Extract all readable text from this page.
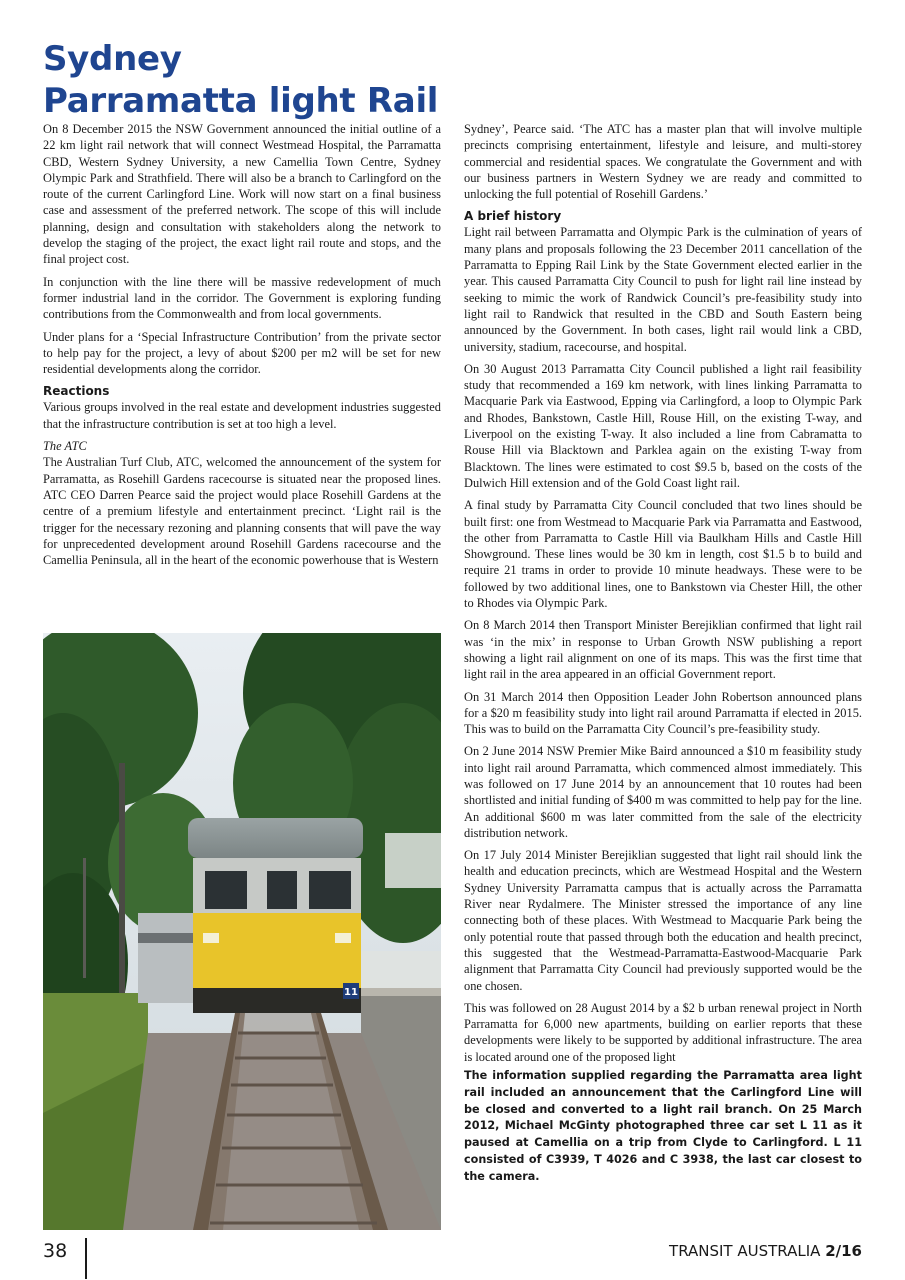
Sydney
Parramatta light Rail

On 8 December 2015 the NSW Government announced the initial outline of a 22 km light rail network that will connect Westmead Hospital, the Parramatta CBD, Western Sydney University, a new Camellia Town Centre, Sydney Olympic Park and Strathfield. There will also be a branch to Carlingford on the route of the current Carlingford Line. Work will now start on a final business case and assessment of the preferred network. The scope of this will include planning, design and consultation with stakeholders along the network to develop the staging of the project, the exact light rail route and stops, and the final project cost.

In conjunction with the line there will be massive redevelopment of much former industrial land in the corridor. The Government is exploring funding contributions from the Commonwealth and from local governments.

Under plans for a ‘Special Infrastructure Contribution’ from the private sector to help pay for the project, a levy of about $200 per m2 will be set for new residential developments along the corridor.

Reactions

Various groups involved in the real estate and development industries suggested that the infrastructure contribution is set at too high a level.

The ATC

The Australian Turf Club, ATC, welcomed the announcement of the system for Parramatta, as Rosehill Gardens racecourse is situated near the proposed lines. ATC CEO Darren Pearce said the project would place Rosehill Gardens at the centre of a premium lifestyle and entertainment precinct. ‘Light rail is the trigger for the necessary rezoning and planning consents that will pave the way for unprecedented development around Rosehill Gardens racecourse and the Camellia Peninsula, all in the heart of the economic powerhouse that is Western

11

Sydney’, Pearce said. ‘The ATC has a master plan that will involve multiple precincts comprising entertainment, lifestyle and leisure, and multi-storey commercial and residential spaces. We congratulate the Government and with our business partners in Western Sydney we are ready and committed to unlocking the full potential of Rosehill Gardens.’

A brief history

Light rail between Parramatta and Olympic Park is the culmination of years of many plans and proposals following the 23 December 2011 cancellation of the Parramatta to Epping Rail Link by the State Government elected earlier in the year. This caused Parramatta City Council to push for light rail line instead by seeking to mimic the work of Randwick Council’s pre-feasibility study into light rail to Randwick that resulted in the CBD and South Eastern being announced by the Government. In both cases, light rail would link a CBD, university, stadium, racecourse, and hospital.

On 30 August 2013 Parramatta City Council published a light rail feasibility study that recommended a 169 km network, with lines linking Parramatta to Macquarie Park via Eastwood, Epping via Carlingford, a loop to Olympic Park and Rhodes, Bankstown, Castle Hill, Rouse Hill, on the existing T-way, and Liverpool on the existing T-way. It also included a line from Cabramatta to Rouse Hill via Blacktown and Parklea again on the existing T-way from Blacktown. The lines were estimated to cost $9.5 b, based on the costs of the Dulwich Hill extension and of the Gold Coast light rail.

A final study by Parramatta City Council concluded that two lines should be built first: one from Westmead to Macquarie Park via Parramatta and Eastwood, the other from Parramatta to Castle Hill via Baulkham Hills and Castle Hill Showground. These lines would be 30 km in length, cost $1.5 b to build and require 21 trams in order to provide 10 minute headways. These were to be followed by two additional lines, one to Bankstown via Chester Hill, the other to Rhodes via Olympic Park.

On 8 March 2014 then Transport Minister Berejiklian confirmed that light rail was ‘in the mix’ in response to Urban Growth NSW publishing a report showing a light rail alignment on one of its maps. This was the first time that light rail in the area appeared in an official Government report.

On 31 March 2014 then Opposition Leader John Robertson announced plans for a $20 m feasibility study into light rail around Parramatta if elected in 2015. This was to build on the Parramatta City Council’s pre-feasibility study.

On 2 June 2014 NSW Premier Mike Baird announced a $10 m feasibility study into light rail around Parramatta, which commenced almost immediately. This was followed on 17 June 2014 by an announcement that 10 routes had been shortlisted and initial funding of $400 m was committed to help pay for the line. An additional $600 m was later committed from the sale of the electricity distribution network.

On 17 July 2014 Minister Berejiklian suggested that light rail should link the health and education precincts, which are Westmead Hospital and the Western Sydney University Parramatta campus that is actually across the Parramatta River near Rydalmere. The Minister stressed the importance of any line connecting both of these places. With Westmead to Macquarie Park being the only potential route that passed through both the education and health precinct, this suggested that the Westmead-Parramatta-Eastwood-Macquarie Park alignment that Parramatta City Council had previously supported would be the one chosen.

This was followed on 28 August 2014 by a $2 b urban renewal project in North Parramatta for 6,000 new apartments, building on earlier reports that these developments were likely to be supported by additional infrastructure. The area is located around one of the proposed light

The information supplied regarding the Parramatta area light rail included an announcement that the Carlingford Line will be closed and converted to a light rail branch. On 25 March 2012, Michael McGinty photographed three car set L 11 as it paused at Camellia on a trip from Clyde to Carlingford. L 11 consisted of C3939, T 4026 and C 3938, the last car closest to the camera.

38	TRANSIT AUSTRALIA 2/16
